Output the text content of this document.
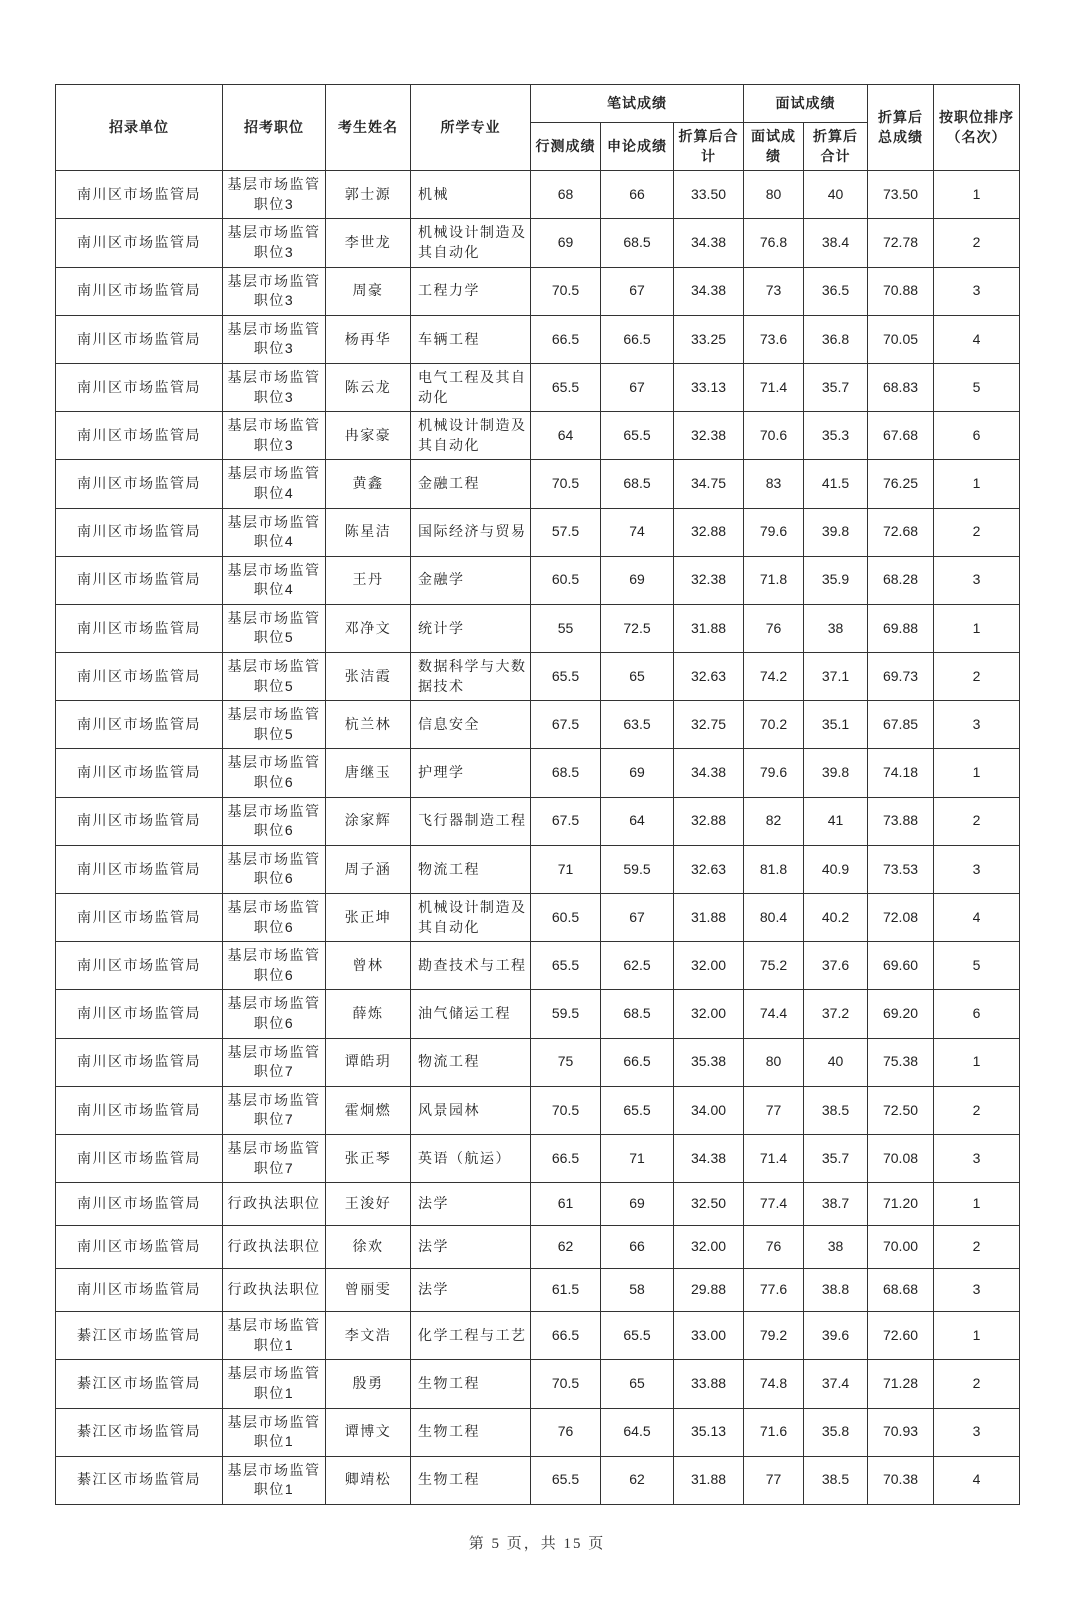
招录单位	招考职位	考生姓名	所学专业	笔试成绩			面试成绩		折算后总成绩	按职位排序（名次）
				行测成绩	申论成绩	折算后合计	面试成绩	折算后合计		
南川区市场监管局	基层市场监管职位3	郭士源	机械	68	66	33.50	80	40	73.50	1
南川区市场监管局	基层市场监管职位3	李世龙	机械设计制造及其自动化	69	68.5	34.38	76.8	38.4	72.78	2
南川区市场监管局	基层市场监管职位3	周豪	工程力学	70.5	67	34.38	73	36.5	70.88	3
南川区市场监管局	基层市场监管职位3	杨再华	车辆工程	66.5	66.5	33.25	73.6	36.8	70.05	4
南川区市场监管局	基层市场监管职位3	陈云龙	电气工程及其自动化	65.5	67	33.13	71.4	35.7	68.83	5
南川区市场监管局	基层市场监管职位3	冉家豪	机械设计制造及其自动化	64	65.5	32.38	70.6	35.3	67.68	6
南川区市场监管局	基层市场监管职位4	黄鑫	金融工程	70.5	68.5	34.75	83	41.5	76.25	1
南川区市场监管局	基层市场监管职位4	陈星洁	国际经济与贸易	57.5	74	32.88	79.6	39.8	72.68	2
南川区市场监管局	基层市场监管职位4	王丹	金融学	60.5	69	32.38	71.8	35.9	68.28	3
南川区市场监管局	基层市场监管职位5	邓净文	统计学	55	72.5	31.88	76	38	69.88	1
南川区市场监管局	基层市场监管职位5	张洁霞	数据科学与大数据技术	65.5	65	32.63	74.2	37.1	69.73	2
南川区市场监管局	基层市场监管职位5	杭兰林	信息安全	67.5	63.5	32.75	70.2	35.1	67.85	3
南川区市场监管局	基层市场监管职位6	唐继玉	护理学	68.5	69	34.38	79.6	39.8	74.18	1
南川区市场监管局	基层市场监管职位6	涂家辉	飞行器制造工程	67.5	64	32.88	82	41	73.88	2
南川区市场监管局	基层市场监管职位6	周子涵	物流工程	71	59.5	32.63	81.8	40.9	73.53	3
南川区市场监管局	基层市场监管职位6	张正坤	机械设计制造及其自动化	60.5	67	31.88	80.4	40.2	72.08	4
南川区市场监管局	基层市场监管职位6	曾林	勘查技术与工程	65.5	62.5	32.00	75.2	37.6	69.60	5
南川区市场监管局	基层市场监管职位6	薛炼	油气储运工程	59.5	68.5	32.00	74.4	37.2	69.20	6
南川区市场监管局	基层市场监管职位7	谭皓玥	物流工程	75	66.5	35.38	80	40	75.38	1
南川区市场监管局	基层市场监管职位7	霍炯燃	风景园林	70.5	65.5	34.00	77	38.5	72.50	2
南川区市场监管局	基层市场监管职位7	张正琴	英语（航运）	66.5	71	34.38	71.4	35.7	70.08	3
南川区市场监管局	行政执法职位	王浚好	法学	61	69	32.50	77.4	38.7	71.20	1
南川区市场监管局	行政执法职位	徐欢	法学	62	66	32.00	76	38	70.00	2
南川区市场监管局	行政执法职位	曾丽雯	法学	61.5	58	29.88	77.6	38.8	68.68	3
綦江区市场监管局	基层市场监管职位1	李文浩	化学工程与工艺	66.5	65.5	33.00	79.2	39.6	72.60	1
綦江区市场监管局	基层市场监管职位1	殷勇	生物工程	70.5	65	33.88	74.8	37.4	71.28	2
綦江区市场监管局	基层市场监管职位1	谭博文	生物工程	76	64.5	35.13	71.6	35.8	70.93	3
綦江区市场监管局	基层市场监管职位1	卿靖松	生物工程	65.5	62	31.88	77	38.5	70.38	4
第 5 页，共 15 页
